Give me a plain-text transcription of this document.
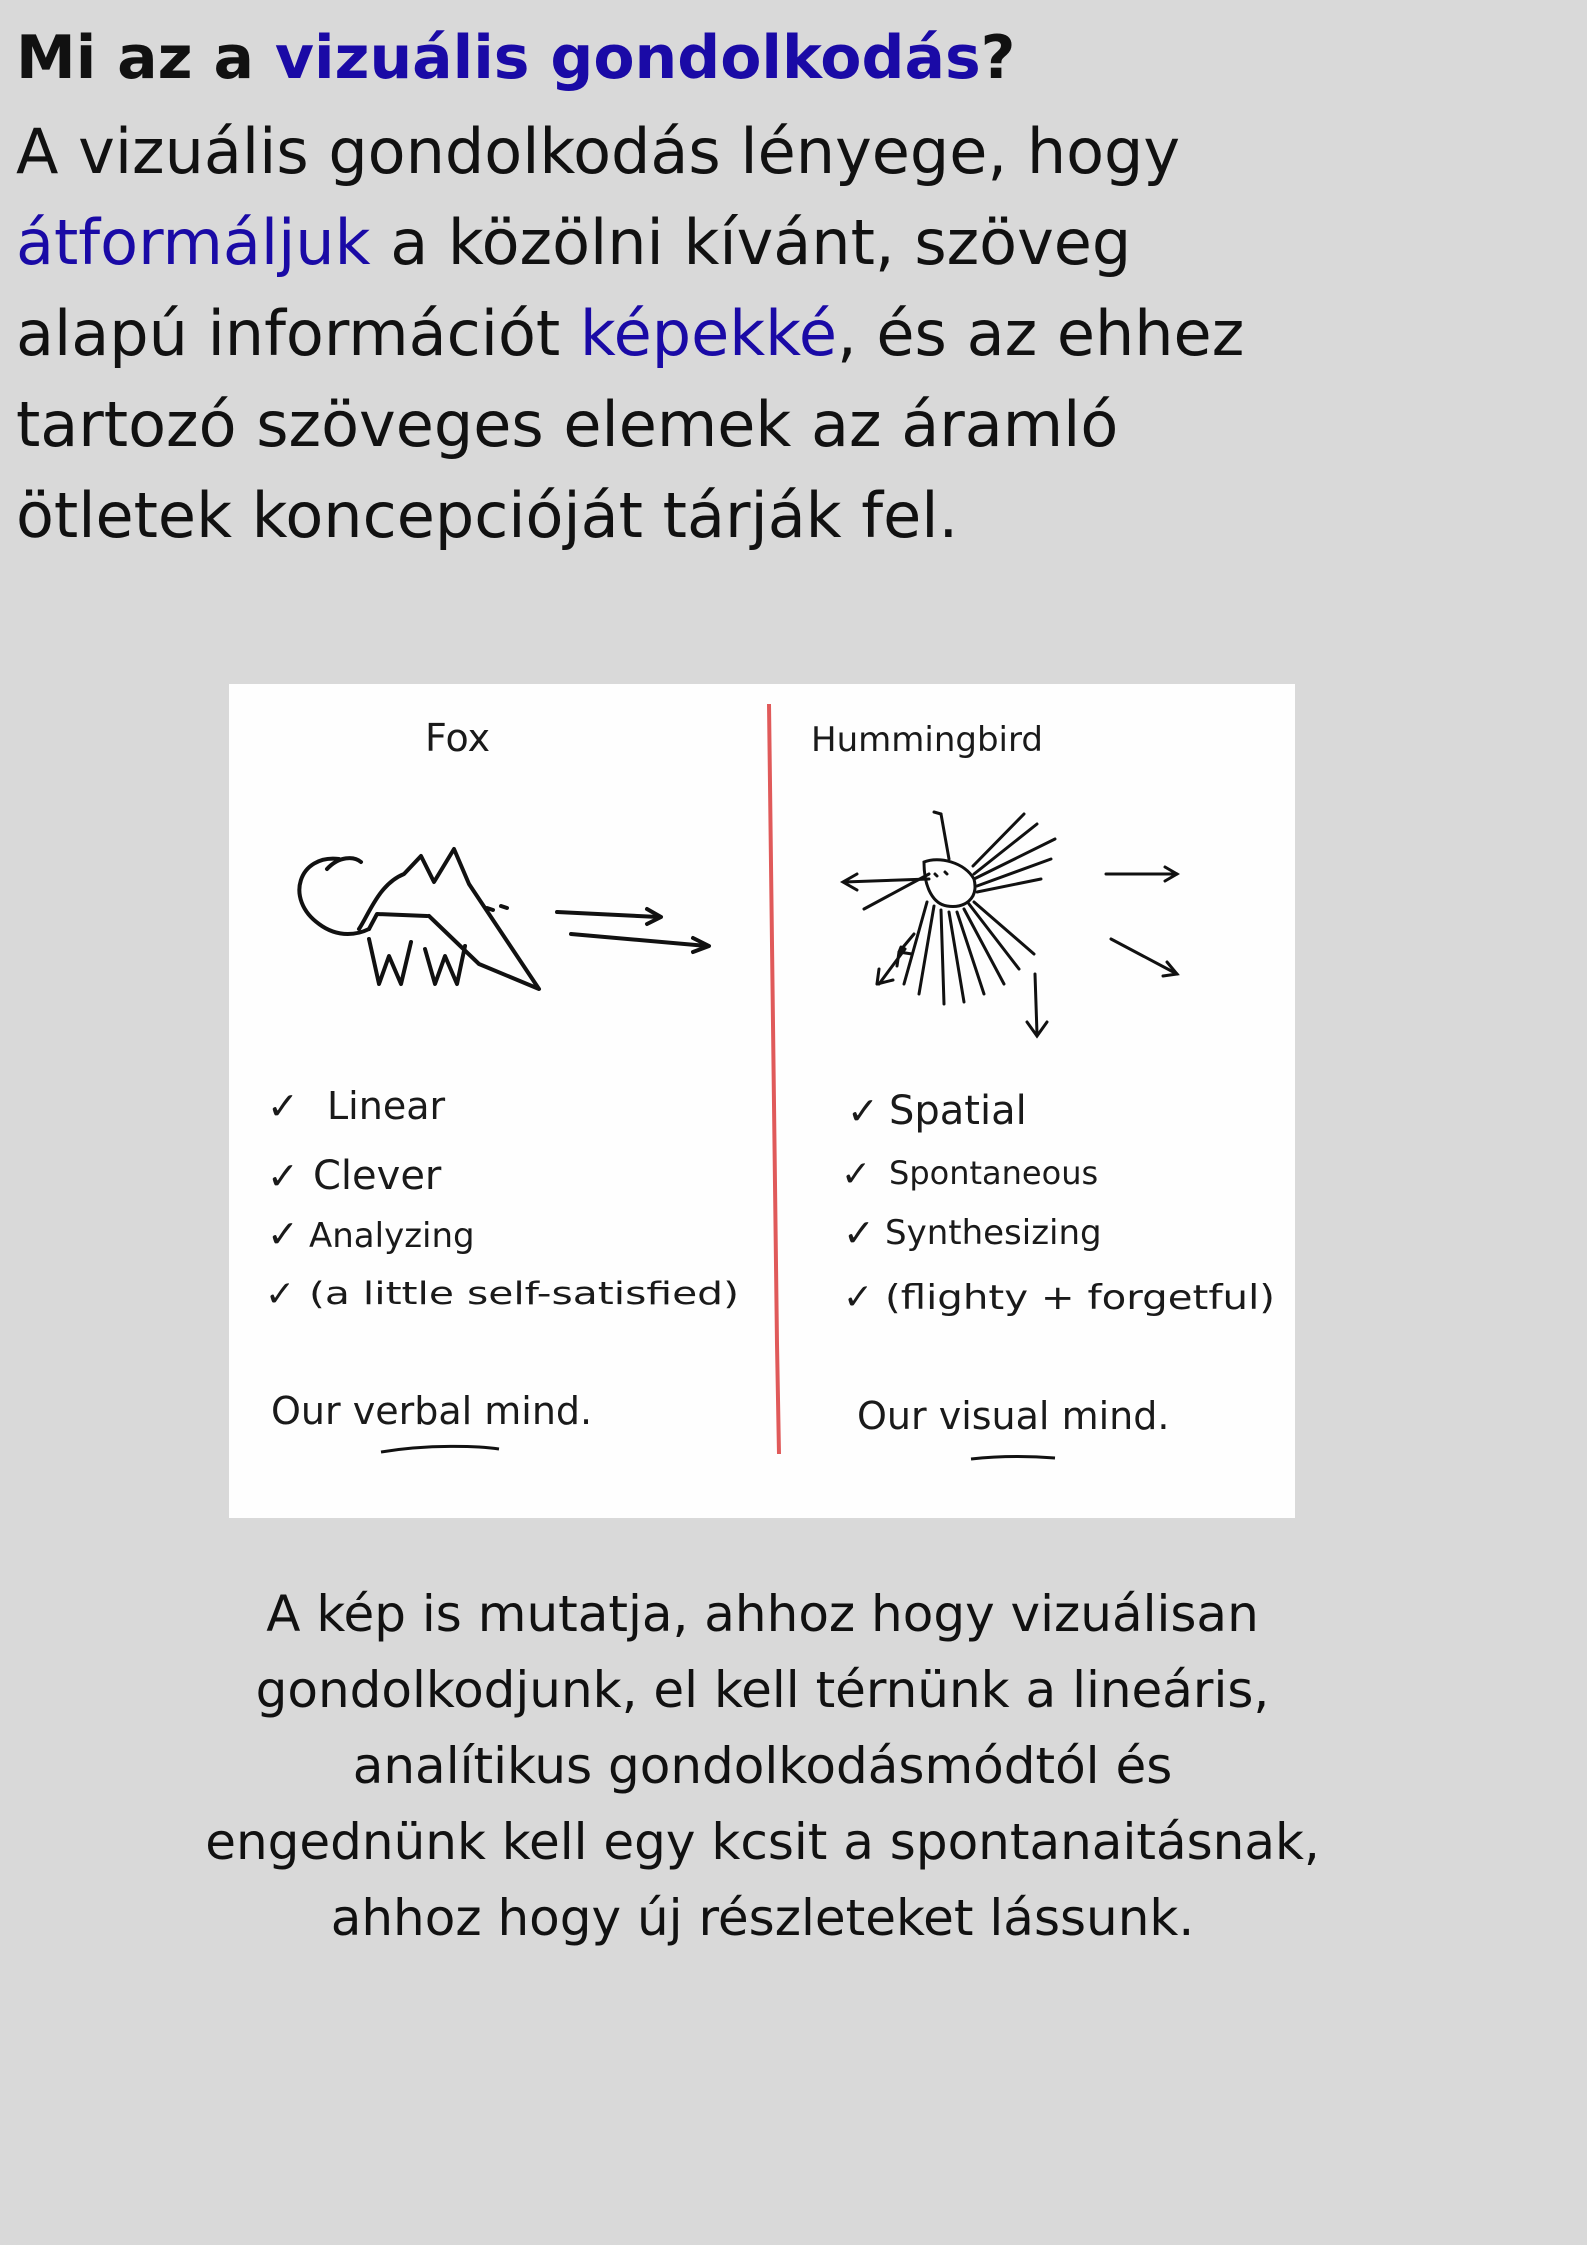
Mi az a vizuális gondolkodás?

A vizuális gondolkodás lényege, hogy
átformáljuk a közölni kívánt, szöveg
alapú információt képekké, és az ehhez
tartozó szöveges elemek az áramló
ötletek koncepcióját tárják fel.

Fox	Hummingbird
✓ Linear
✓ Clever
✓ Analyzing
✓ (a little self-satisfied)
✓ Spatial
✓ Spontaneous
✓ Synthesizing
✓ (flighty + forgetful)
Our verbal mind.	Our visual mind.

A kép is mutatja, ahhoz hogy vizuálisan
gondolkodjunk, el kell térnünk a lineáris,
analítikus gondolkodásmódtól és
engednünk kell egy kcsit a spontanaitásnak,
ahhoz hogy új részleteket lássunk.
